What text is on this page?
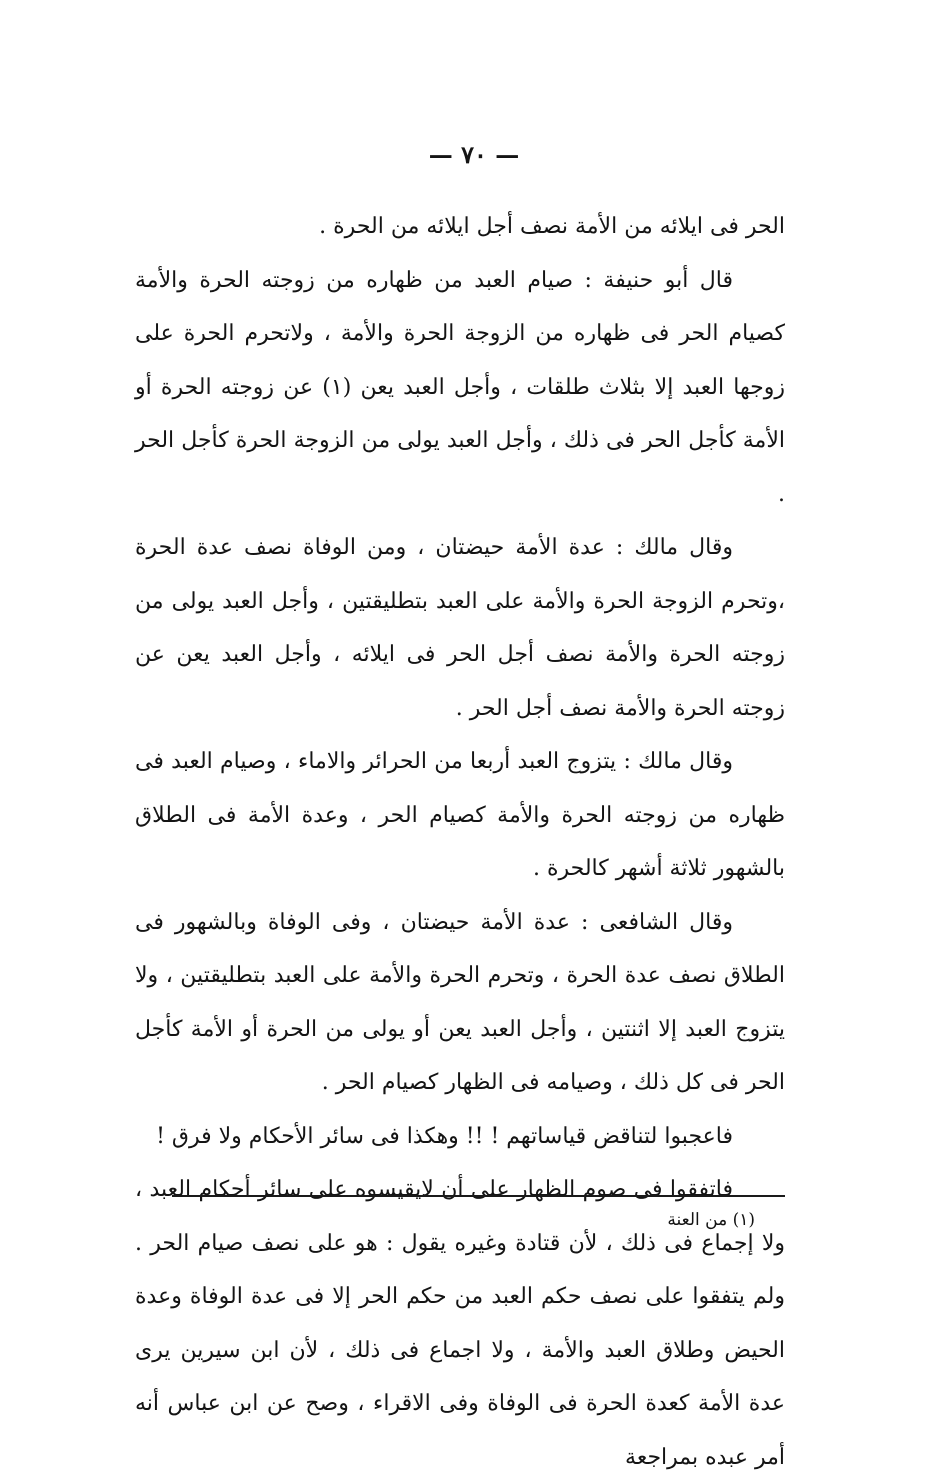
— ٧٠ —

الحر فى ايلائه من الأمة نصف أجل ايلائه من الحرة .

قال أبو حنيفة : صيام العبد من ظهاره من زوجته الحرة والأمة كصيام الحر فى ظهاره من الزوجة الحرة والأمة ، ولاتحرم الحرة على زوجها العبد إلا بثلاث طلقات ، وأجل العبد يعن (١) عن زوجته الحرة أو الأمة كأجل الحر فى ذلك ، وأجل العبد يولى من الزوجة الحرة كأجل الحر .

وقال مالك : عدة الأمة حيضتان ، ومن الوفاة نصف عدة الحرة ،وتحرم الزوجة الحرة والأمة على العبد بتطليقتين ، وأجل العبد يولى من زوجته الحرة والأمة نصف أجل الحر فى ايلائه ، وأجل العبد يعن عن زوجته الحرة والأمة نصف أجل الحر .

وقال مالك : يتزوج العبد أربعا من الحرائر والاماء ، وصيام العبد فى ظهاره من زوجته الحرة والأمة كصيام الحر ، وعدة الأمة فى الطلاق بالشهور ثلاثة أشهر كالحرة .

وقال الشافعى : عدة الأمة حيضتان ، وفى الوفاة وبالشهور فى الطلاق نصف عدة الحرة ، وتحرم الحرة والأمة على العبد بتطليقتين ، ولا يتزوج العبد إلا اثنتين ، وأجل العبد يعن أو يولى من الحرة أو الأمة كأجل الحر فى كل ذلك ، وصيامه فى الظهار كصيام الحر .

فاعجبوا لتناقض قياساتهم ! !! وهكذا فى سائر الأحكام ولا فرق !

فاتفقوا فى صوم الظهار على أن لايقيسوه على سائر أحكام العبد ، ولا إجماع فى ذلك ، لأن قتادة وغيره يقول : هو على نصف صيام الحر . ولم يتفقوا على نصف حكم العبد من حكم الحر إلا فى عدة الوفاة وعدة الحيض وطلاق العبد والأمة ، ولا اجماع فى ذلك ، لأن ابن سيرين يرى عدة الأمة كعدة الحرة فى الوفاة وفى الاقراء ، وصح عن ابن عباس أنه أمر عبده بمراجعة

(١) من العنة
